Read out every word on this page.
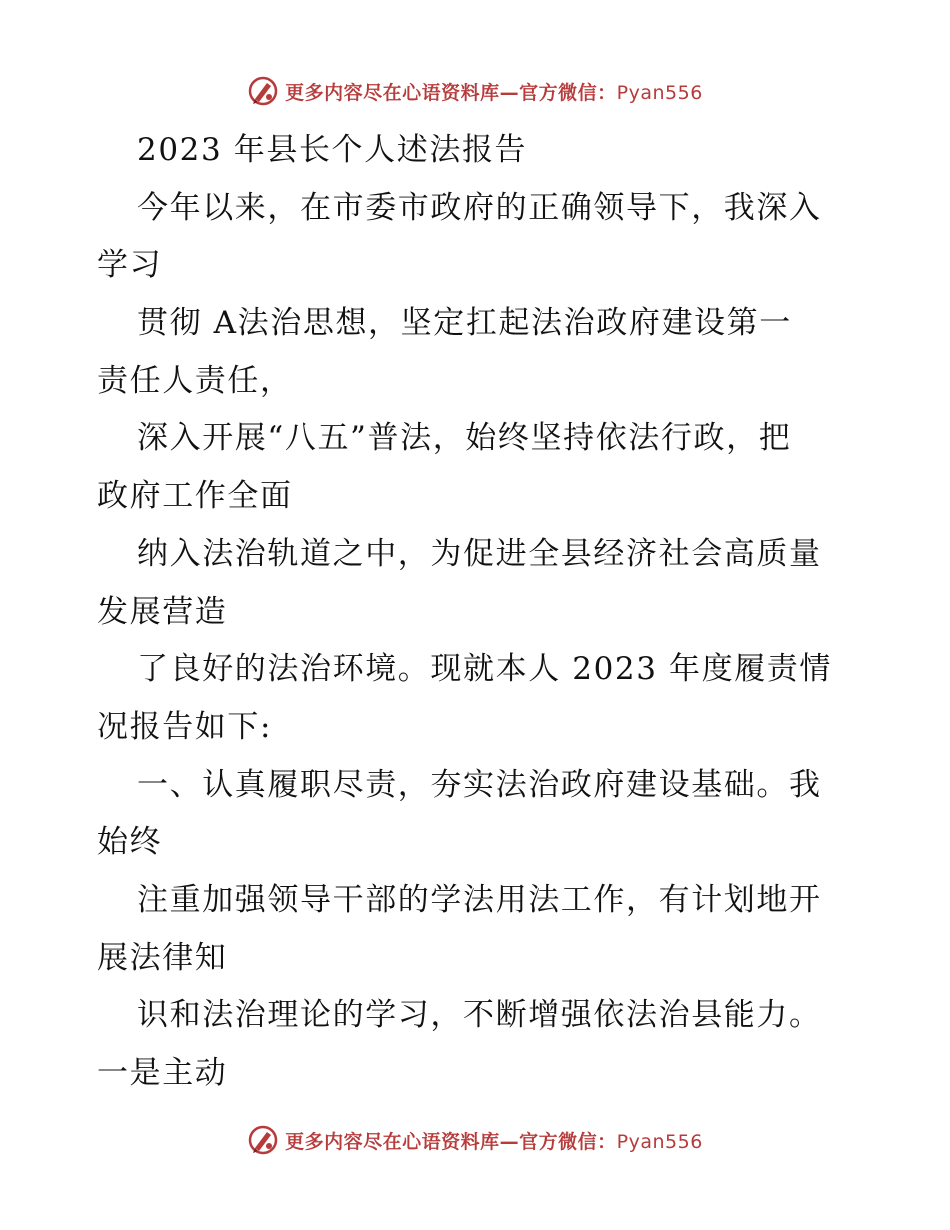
更多内容尽在心语资料库—官方微信：Pyan556
2023 年县长个人述法报告
今年以来，在市委市政府的正确领导下，我深入
学习
贯彻 A法治思想，坚定扛起法治政府建设第一
责任人责任，
深入开展“八五”普法，始终坚持依法行政，把
政府工作全面
纳入法治轨道之中，为促进全县经济社会高质量
发展营造
了良好的法治环境。现就本人 2023 年度履责情
况报告如下:
一、认真履职尽责，夯实法治政府建设基础。我
始终
注重加强领导干部的学法用法工作，有计划地开
展法律知
识和法治理论的学习，不断增强依法治县能力。
一是主动
更多内容尽在心语资料库—官方微信：Pyan556
